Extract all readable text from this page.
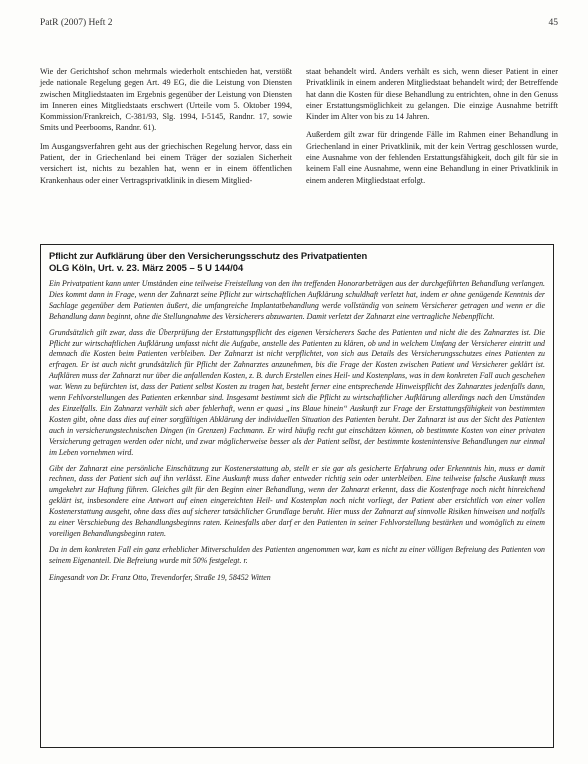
PatR (2007) Heft 2	45

Wie der Gerichtshof schon mehrmals wiederholt entschieden hat, verstößt jede nationale Regelung gegen Art. 49 EG, die die Leistung von Diensten zwischen Mitgliedstaaten im Ergebnis gegenüber der Leistung von Diensten im Inneren eines Mitgliedstaats erschwert (Urteile vom 5. Oktober 1994, Kommission/Frankreich, C-381/93, Slg. 1994, I-5145, Randnr. 17, sowie Smits und Peerbooms, Randnr. 61).

Im Ausgangsverfahren geht aus der griechischen Regelung hervor, dass ein Patient, der in Griechenland bei einem Träger der sozialen Sicherheit versichert ist, nichts zu bezahlen hat, wenn er in einem öffentlichen Krankenhaus oder einer Vertragsprivatklinik in diesem Mitglied-

staat behandelt wird. Anders verhält es sich, wenn dieser Patient in einer Privatklinik in einem anderen Mitgliedstaat behandelt wird; der Betreffende hat dann die Kosten für diese Behandlung zu entrichten, ohne in den Genuss einer Erstattungsmöglichkeit zu gelangen. Die einzige Ausnahme betrifft Kinder im Alter von bis zu 14 Jahren.

Außerdem gilt zwar für dringende Fälle im Rahmen einer Behandlung in Griechenland in einer Privatklinik, mit der kein Vertrag geschlossen wurde, eine Ausnahme von der fehlenden Erstattungsfähigkeit, doch gilt für sie in keinem Fall eine Ausnahme, wenn eine Behandlung in einer Privatklinik in einem anderen Mitgliedstaat erfolgt.

Pflicht zur Aufklärung über den Versicherungsschutz des Privatpatienten
OLG Köln, Urt. v. 23. März 2005 – 5 U 144/04

Ein Privatpatient kann unter Umständen eine teilweise Freistellung von den ihn treffenden Honorarbeträgen aus der durchgeführten Behandlung verlangen. Dies kommt dann in Frage, wenn der Zahnarzt seine Pflicht zur wirtschaftlichen Aufklärung schuldhaft verletzt hat, indem er ohne genügende Kenntnis der Sachlage gegenüber dem Patienten äußert, die umfangreiche Implantatbehandlung werde vollständig von seinem Versicherer getragen und wenn er die Behandlung dann beginnt, ohne die Stellungnahme des Versicherers abzuwarten. Damit verletzt der Zahnarzt eine vertragliche Nebenpflicht.

Grundsätzlich gilt zwar, dass die Überprüfung der Erstattungspflicht des eigenen Versicherers Sache des Patienten und nicht die des Zahnarztes ist. Die Pflicht zur wirtschaftlichen Aufklärung umfasst nicht die Aufgabe, anstelle des Patienten zu klären, ob und in welchem Umfang der Versicherer eintritt und demnach die Kosten beim Patienten verbleiben. Der Zahnarzt ist nicht verpflichtet, von sich aus Details des Versicherungsschutzes eines Patienten zu erfragen. Er ist auch nicht grundsätzlich für Pflicht der Zahnarztes anzunehmen, bis die Frage der Kosten zwischen Patient und Versicherer geklärt ist. Aufklären muss der Zahnarzt nur über die anfallenden Kosten, z. B. durch Erstellen eines Heil- und Kostenplans, was in dem konkreten Fall auch geschehen war. Wenn zu befürchten ist, dass der Patient selbst Kosten zu tragen hat, besteht ferner eine entsprechende Hinweispflicht des Zahnarztes jedenfalls dann, wenn Fehlvorstellungen des Patienten erkennbar sind. Insgesamt bestimmt sich die Pflicht zu wirtschaftlicher Aufklärung allerdings nach den Umständen des Einzelfalls. Ein Zahnarzt verhält sich aber fehlerhaft, wenn er quasi „ins Blaue hinein“ Auskunft zur Frage der Erstattungsfähigkeit von bestimmten Kosten gibt, ohne dass dies auf einer sorgfältigen Abklärung der individuellen Situation des Patienten beruht. Der Zahnarzt ist aus der Sicht des Patienten auch in versicherungstechnischen Dingen (in Grenzen) Fachmann. Er wird häufig recht gut einschätzen können, ob bestimmte Kosten von einer privaten Versicherung getragen werden oder nicht, und zwar möglicherweise besser als der Patient selbst, der bestimmte kostenintensive Behandlungen nur einmal im Leben vornehmen wird.

Gibt der Zahnarzt eine persönliche Einschätzung zur Kostenerstattung ab, stellt er sie gar als gesicherte Erfahrung oder Erkenntnis hin, muss er damit rechnen, dass der Patient sich auf ihn verlässt. Eine Auskunft muss daher entweder richtig sein oder unterbleiben. Eine teilweise falsche Auskunft muss umgekehrt zur Haftung führen. Gleiches gilt für den Beginn einer Behandlung, wenn der Zahnarzt erkennt, dass die Kostenfrage noch nicht hinreichend geklärt ist, insbesondere eine Antwort auf einen eingereichten Heil- und Kostenplan noch nicht vorliegt, der Patient aber ersichtlich von einer vollen Kostenerstattung ausgeht, ohne dass dies auf sicherer tatsächlicher Grundlage beruht. Hier muss der Zahnarzt auf sinnvolle Risiken hinweisen und notfalls zu einer Verschiebung des Behandlungsbeginns raten. Keinesfalls aber darf er den Patienten in seiner Fehlvorstellung bestärken und womöglich zu einem voreiligen Behandlungsbeginn raten.

Da in dem konkreten Fall ein ganz erheblicher Mitverschulden des Patienten angenommen war, kam es nicht zu einer völligen Befreiung des Patienten von seinem Eigenanteil. Die Befreiung wurde mit 50% festgelegt. r.

Eingesandt von Dr. Franz Otto, Trevendorfer, Straße 19, 58452 Witten
